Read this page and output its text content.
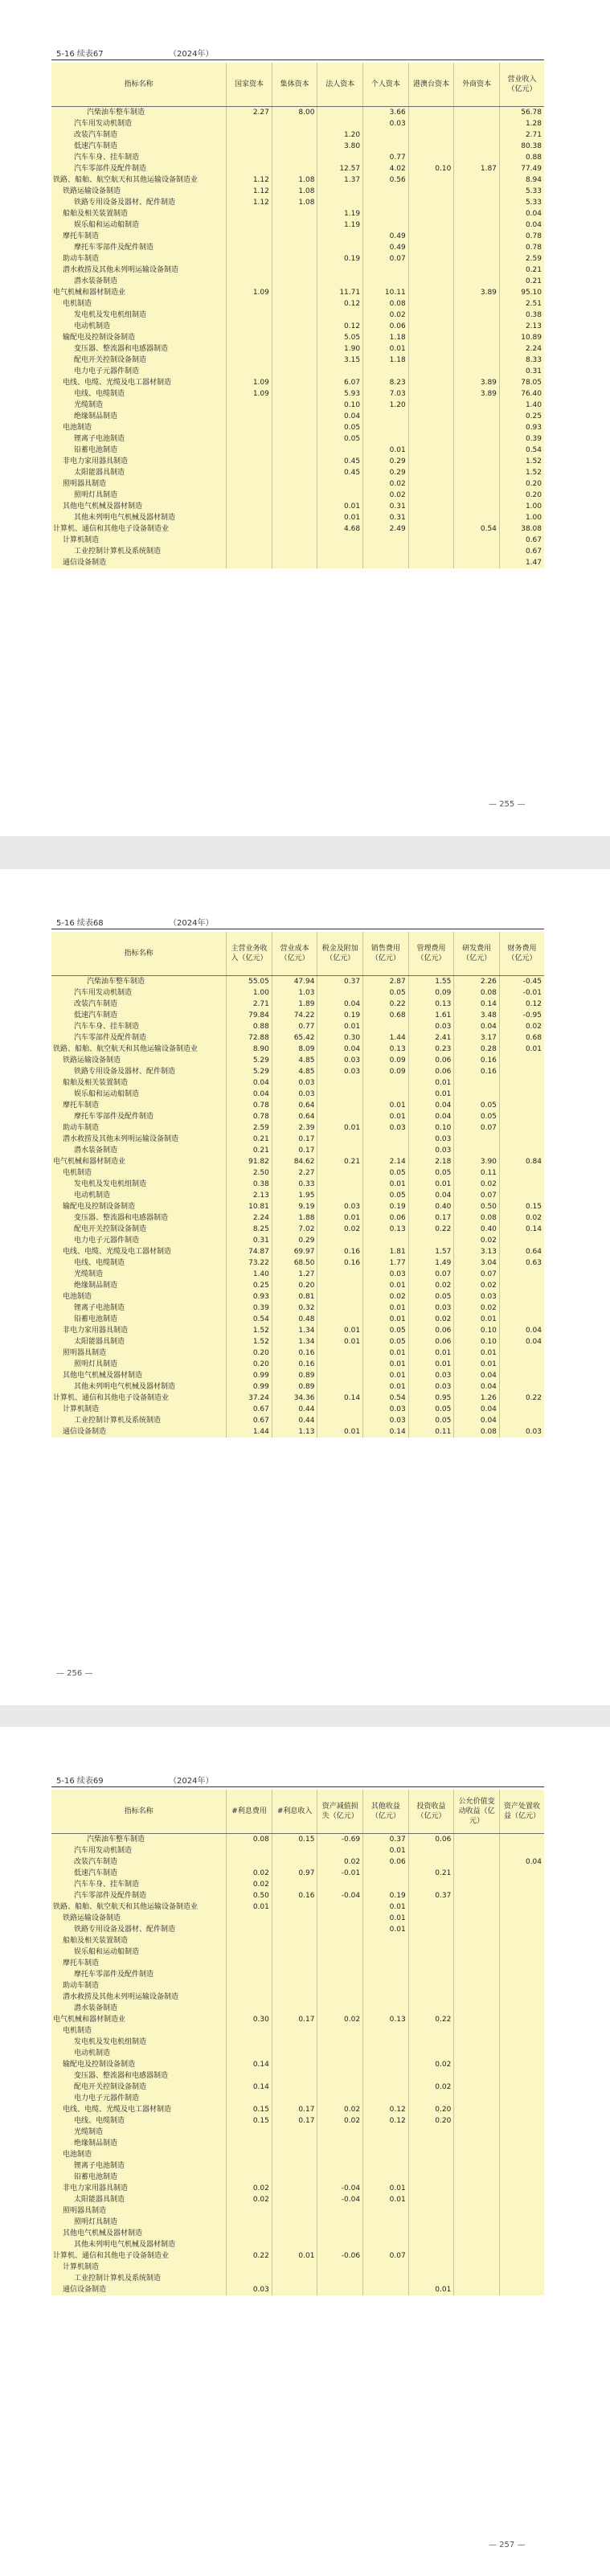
5-16 续表67	（2024年）
指标名称	国家资本	集体资本	法人资本	个人资本	港澳台资本	外商资本	营业收入（亿元）
汽柴油车整车制造	2.27	8.00		3.66			56.78
汽车用发动机制造				0.03			1.28
改装汽车制造			1.20				2.71
低速汽车制造			3.80				80.38
汽车车身、挂车制造				0.77			0.88
汽车零部件及配件制造			12.57	4.02	0.10	1.87	77.49
铁路、船舶、航空航天和其他运输设备制造业	1.12	1.08	1.37	0.56			8.94
铁路运输设备制造	1.12	1.08					5.33
铁路专用设备及器材、配件制造	1.12	1.08					5.33
船舶及相关装置制造			1.19				0.04
娱乐船和运动船制造			1.19				0.04
摩托车制造				0.49			0.78
摩托车零部件及配件制造				0.49			0.78
助动车制造			0.19	0.07			2.59
潜水救捞及其他未列明运输设备制造							0.21
潜水装备制造							0.21
电气机械和器材制造业	1.09		11.71	10.11		3.89	95.10
电机制造			0.12	0.08			2.51
发电机及发电机组制造				0.02			0.38
电动机制造			0.12	0.06			2.13
输配电及控制设备制造			5.05	1.18			10.89
变压器、整流器和电感器制造			1.90	0.01			2.24
配电开关控制设备制造			3.15	1.18			8.33
电力电子元器件制造							0.31
电线、电缆、光缆及电工器材制造	1.09		6.07	8.23		3.89	78.05
电线、电缆制造	1.09		5.93	7.03		3.89	76.40
光缆制造			0.10	1.20			1.40
绝缘制品制造			0.04				0.25
电池制造			0.05				0.93
锂离子电池制造			0.05				0.39
铅蓄电池制造				0.01			0.54
非电力家用器具制造			0.45	0.29			1.52
太阳能器具制造			0.45	0.29			1.52
照明器具制造				0.02			0.20
照明灯具制造				0.02			0.20
其他电气机械及器材制造			0.01	0.31			1.00
其他未列明电气机械及器材制造			0.01	0.31			1.00
计算机、通信和其他电子设备制造业			4.68	2.49		0.54	38.08
计算机制造							0.67
工业控制计算机及系统制造							0.67
通信设备制造							1.47
— 255 —
5-16 续表68	（2024年）
指标名称	主营业务收入（亿元）	营业成本（亿元）	税金及附加（亿元）	销售费用（亿元）	管理费用（亿元）	研发费用（亿元）	财务费用（亿元）
汽柴油车整车制造	55.05	47.94	0.37	2.87	1.55	2.26	-0.45
汽车用发动机制造	1.00	1.03		0.05	0.09	0.08	-0.01
改装汽车制造	2.71	1.89	0.04	0.22	0.13	0.14	0.12
低速汽车制造	79.84	74.22	0.19	0.68	1.61	3.48	-0.95
汽车车身、挂车制造	0.88	0.77	0.01		0.03	0.04	0.02
汽车零部件及配件制造	72.88	65.42	0.30	1.44	2.41	3.17	0.68
铁路、船舶、航空航天和其他运输设备制造业	8.90	8.09	0.04	0.13	0.23	0.28	0.01
铁路运输设备制造	5.29	4.85	0.03	0.09	0.06	0.16	
铁路专用设备及器材、配件制造	5.29	4.85	0.03	0.09	0.06	0.16	
船舶及相关装置制造	0.04	0.03			0.01		
娱乐船和运动船制造	0.04	0.03			0.01		
摩托车制造	0.78	0.64		0.01	0.04	0.05	
摩托车零部件及配件制造	0.78	0.64		0.01	0.04	0.05	
助动车制造	2.59	2.39	0.01	0.03	0.10	0.07	
潜水救捞及其他未列明运输设备制造	0.21	0.17			0.03		
潜水装备制造	0.21	0.17			0.03		
电气机械和器材制造业	91.82	84.62	0.21	2.14	2.18	3.90	0.84
电机制造	2.50	2.27		0.05	0.05	0.11	
发电机及发电机组制造	0.38	0.33		0.01	0.01	0.02	
电动机制造	2.13	1.95		0.05	0.04	0.07	
输配电及控制设备制造	10.81	9.19	0.03	0.19	0.40	0.50	0.15
变压器、整流器和电感器制造	2.24	1.88	0.01	0.06	0.17	0.08	0.02
配电开关控制设备制造	8.25	7.02	0.02	0.13	0.22	0.40	0.14
电力电子元器件制造	0.31	0.29				0.02	
电线、电缆、光缆及电工器材制造	74.87	69.97	0.16	1.81	1.57	3.13	0.64
电线、电缆制造	73.22	68.50	0.16	1.77	1.49	3.04	0.63
光缆制造	1.40	1.27		0.03	0.07	0.07	
绝缘制品制造	0.25	0.20		0.01	0.02	0.02	
电池制造	0.93	0.81		0.02	0.05	0.03	
锂离子电池制造	0.39	0.32		0.01	0.03	0.02	
铅蓄电池制造	0.54	0.48		0.01	0.02	0.01	
非电力家用器具制造	1.52	1.34	0.01	0.05	0.06	0.10	0.04
太阳能器具制造	1.52	1.34	0.01	0.05	0.06	0.10	0.04
照明器具制造	0.20	0.16		0.01	0.01	0.01	
照明灯具制造	0.20	0.16		0.01	0.01	0.01	
其他电气机械及器材制造	0.99	0.89		0.01	0.03	0.04	
其他未列明电气机械及器材制造	0.99	0.89		0.01	0.03	0.04	
计算机、通信和其他电子设备制造业	37.24	34.36	0.14	0.54	0.95	1.26	0.22
计算机制造	0.67	0.44		0.03	0.05	0.04	
工业控制计算机及系统制造	0.67	0.44		0.03	0.05	0.04	
通信设备制造	1.44	1.13	0.01	0.14	0.11	0.08	0.03
— 256 —
5-16 续表69	（2024年）
指标名称	#利息费用	#利息收入	资产减值损失（亿元）	其他收益（亿元）	投资收益（亿元）	公允价值变动收益（亿元）	资产处置收益（亿元）
汽柴油车整车制造	0.08	0.15	-0.69	0.37	0.06		
汽车用发动机制造				0.01			
改装汽车制造			0.02	0.06			0.04
低速汽车制造	0.02	0.97	-0.01		0.21		
汽车车身、挂车制造	0.02						
汽车零部件及配件制造	0.50	0.16	-0.04	0.19	0.37		
铁路、船舶、航空航天和其他运输设备制造业	0.01			0.01			
铁路运输设备制造				0.01			
铁路专用设备及器材、配件制造				0.01			
船舶及相关装置制造							
娱乐船和运动船制造							
摩托车制造							
摩托车零部件及配件制造							
助动车制造							
潜水救捞及其他未列明运输设备制造							
潜水装备制造							
电气机械和器材制造业	0.30	0.17	0.02	0.13	0.22		
电机制造							
发电机及发电机组制造							
电动机制造							
输配电及控制设备制造	0.14				0.02		
变压器、整流器和电感器制造							
配电开关控制设备制造	0.14				0.02		
电力电子元器件制造							
电线、电缆、光缆及电工器材制造	0.15	0.17	0.02	0.12	0.20		
电线、电缆制造	0.15	0.17	0.02	0.12	0.20		
光缆制造							
绝缘制品制造							
电池制造							
锂离子电池制造							
铅蓄电池制造							
非电力家用器具制造	0.02		-0.04	0.01			
太阳能器具制造	0.02		-0.04	0.01			
照明器具制造							
照明灯具制造							
其他电气机械及器材制造							
其他未列明电气机械及器材制造							
计算机、通信和其他电子设备制造业	0.22	0.01	-0.06	0.07			
计算机制造							
工业控制计算机及系统制造							
通信设备制造	0.03				0.01		
— 257 —
